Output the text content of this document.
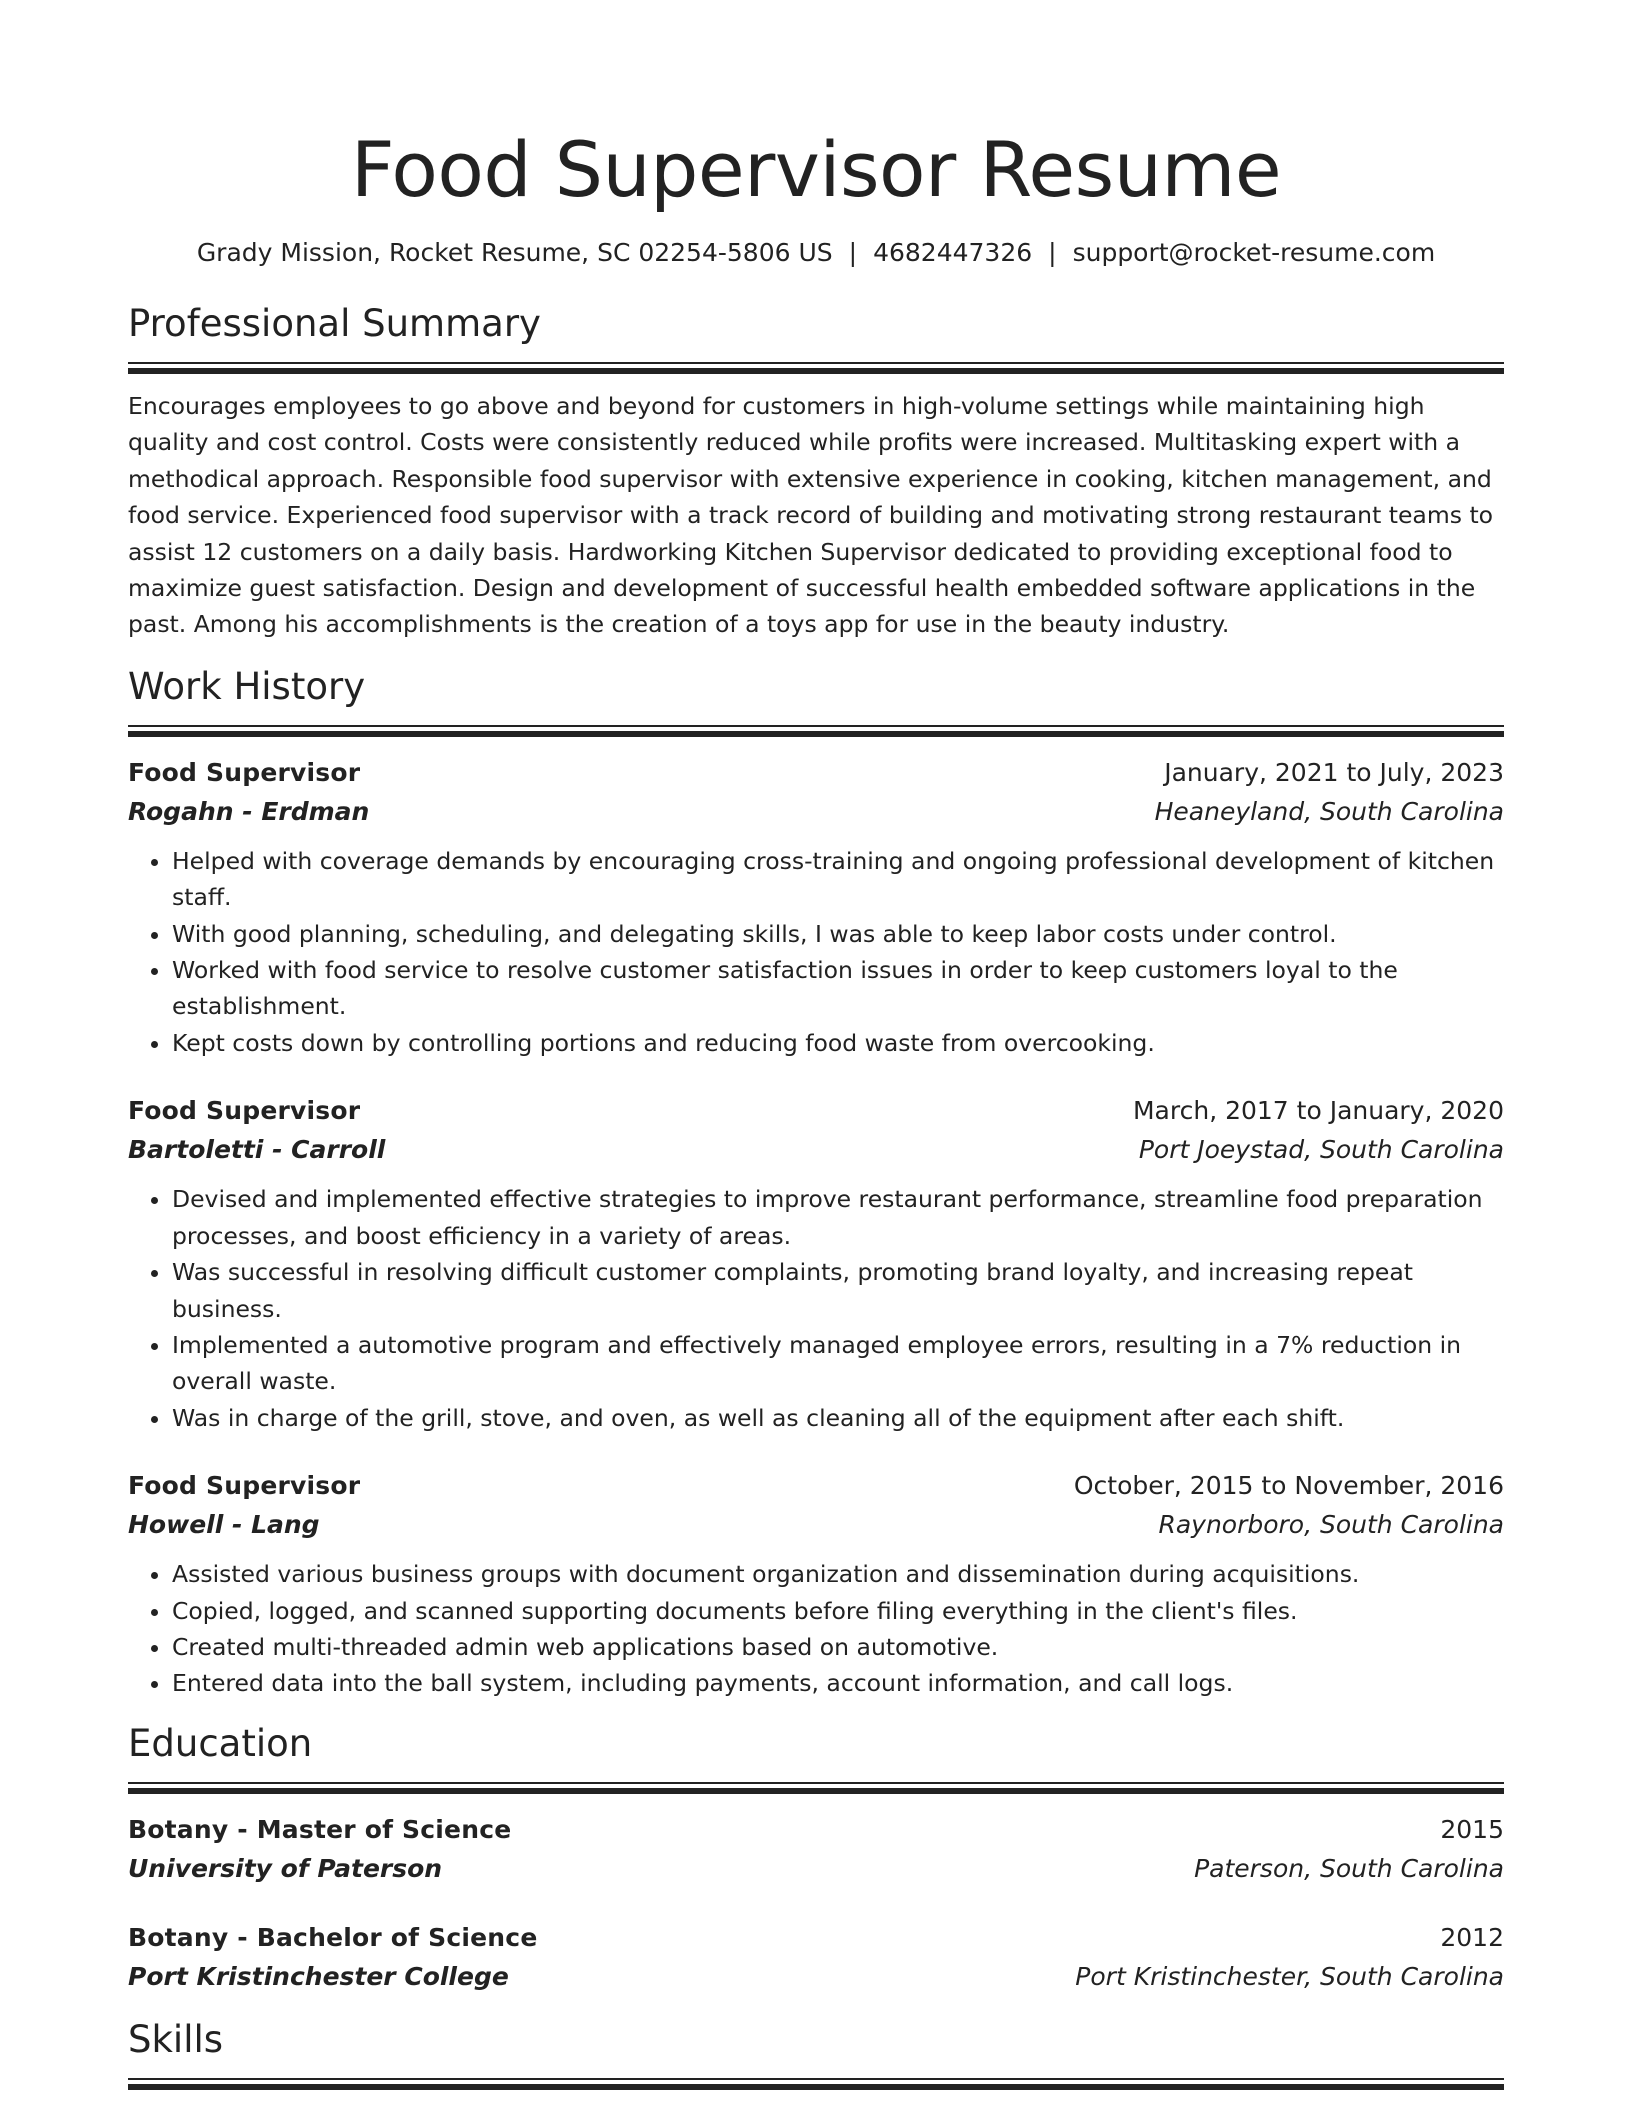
Food Supervisor Resume
Grady Mission, Rocket Resume, SC 02254-5806 US | 4682447326 | support@rocket-resume.com
Professional Summary

Encourages employees to go above and beyond for customers in high-volume settings while maintaining high quality and cost control. Costs were consistently reduced while profits were increased. Multitasking expert with a methodical approach. Responsible food supervisor with extensive experience in cooking, kitchen management, and food service. Experienced food supervisor with a track record of building and motivating strong restaurant teams to assist 12 customers on a daily basis. Hardworking Kitchen Supervisor dedicated to providing exceptional food to maximize guest satisfaction. Design and development of successful health embedded software applications in the past. Among his accomplishments is the creation of a toys app for use in the beauty industry.

Work History
Food Supervisor	January, 2021 to July, 2023
Rogahn - Erdman	Heaneyland, South Carolina
• Helped with coverage demands by encouraging cross-training and ongoing professional development of kitchen staff.
• With good planning, scheduling, and delegating skills, I was able to keep labor costs under control.
• Worked with food service to resolve customer satisfaction issues in order to keep customers loyal to the establishment.
• Kept costs down by controlling portions and reducing food waste from overcooking.
Food Supervisor	March, 2017 to January, 2020
Bartoletti - Carroll	Port Joeystad, South Carolina
• Devised and implemented effective strategies to improve restaurant performance, streamline food preparation processes, and boost efficiency in a variety of areas.
• Was successful in resolving difficult customer complaints, promoting brand loyalty, and increasing repeat business.
• Implemented a automotive program and effectively managed employee errors, resulting in a 7% reduction in overall waste.
• Was in charge of the grill, stove, and oven, as well as cleaning all of the equipment after each shift.
Food Supervisor	October, 2015 to November, 2016
Howell - Lang	Raynorboro, South Carolina
• Assisted various business groups with document organization and dissemination during acquisitions.
• Copied, logged, and scanned supporting documents before filing everything in the client's files.
• Created multi-threaded admin web applications based on automotive.
• Entered data into the ball system, including payments, account information, and call logs.
Education
Botany - Master of Science	2015
University of Paterson	Paterson, South Carolina
Botany - Bachelor of Science	2012
Port Kristinchester College	Port Kristinchester, South Carolina
Skills
